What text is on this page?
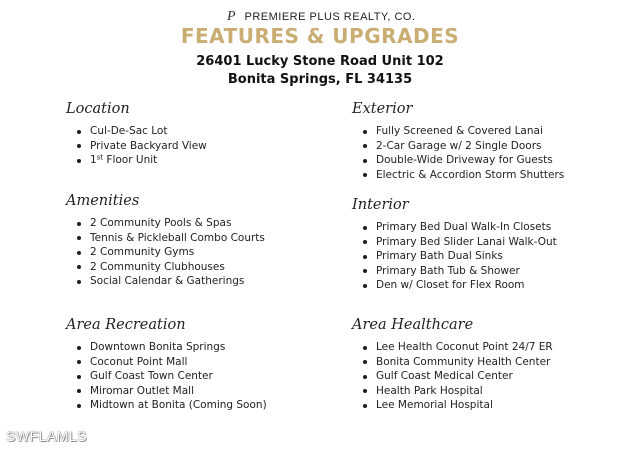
P PREMIERE PLUS REALTY, CO.
FEATURES & UPGRADES
26401 Lucky Stone Road Unit 102
Bonita Springs, FL 34135
Location
Cul-De-Sac Lot
Private Backyard View
1st Floor Unit
Exterior
Fully Screened & Covered Lanai
2-Car Garage w/ 2 Single Doors
Double-Wide Driveway for Guests
Electric & Accordion Storm Shutters
Amenities
2 Community Pools & Spas
Tennis & Pickleball Combo Courts
2 Community Gyms
2 Community Clubhouses
Social Calendar & Gatherings
Interior
Primary Bed Dual Walk-In Closets
Primary Bed Slider Lanai Walk-Out
Primary Bath Dual Sinks
Primary Bath Tub & Shower
Den w/ Closet for Flex Room
Area Recreation
Downtown Bonita Springs
Coconut Point Mall
Gulf Coast Town Center
Miromar Outlet Mall
Midtown at Bonita (Coming Soon)
Area Healthcare
Lee Health Coconut Point 24/7 ER
Bonita Community Health Center
Gulf Coast Medical Center
Health Park Hospital
Lee Memorial Hospital
SWFLAMLS
